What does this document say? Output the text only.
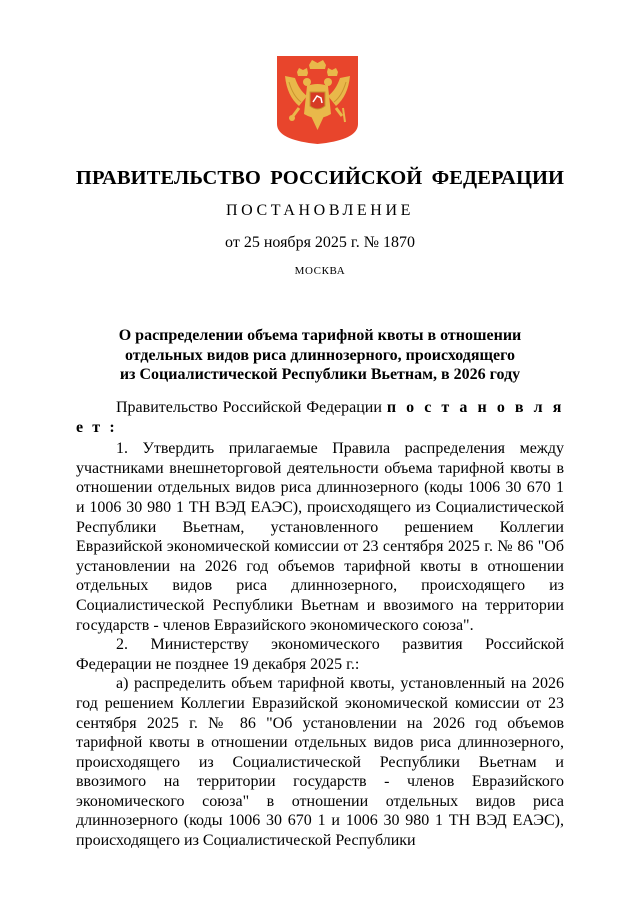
ПРАВИТЕЛЬСТВО РОССИЙСКОЙ ФЕДЕРАЦИИ
ПОСТАНОВЛЕНИЕ
от 25 ноября 2025 г. № 1870
МОСКВА
О распределении объема тарифной квоты в отношении
отдельных видов риса длиннозерного, происходящего
из Социалистической Республики Вьетнам, в 2026 году

Правительство Российской Федерации п о с т а н о в л я е т :

1. Утвердить прилагаемые Правила распределения между участниками внешнеторговой деятельности объема тарифной квоты в отношении отдельных видов риса длиннозерного (коды 1006 30 670 1 и 1006 30 980 1 ТН ВЭД ЕАЭС), происходящего из Социалистической Республики Вьетнам, установленного решением Коллегии Евразийской экономической комиссии от 23 сентября 2025 г. № 86 "Об установлении на 2026 год объемов тарифной квоты в отношении отдельных видов риса длиннозерного, происходящего из Социалистической Республики Вьетнам и ввозимого на территории государств - членов Евразийского экономического союза".

2. Министерству экономического развития Российской Федерации не позднее 19 декабря 2025 г.:

а) распределить объем тарифной квоты, установленный на 2026 год решением Коллегии Евразийской экономической комиссии от 23 сентября 2025 г. № 86 "Об установлении на 2026 год объемов тарифной квоты в отношении отдельных видов риса длиннозерного, происходящего из Социалистической Республики Вьетнам и ввозимого на территории государств - членов Евразийского экономического союза" в отношении отдельных видов риса длиннозерного (коды 1006 30 670 1 и 1006 30 980 1 ТН ВЭД ЕАЭС), происходящего из Социалистической Республики
